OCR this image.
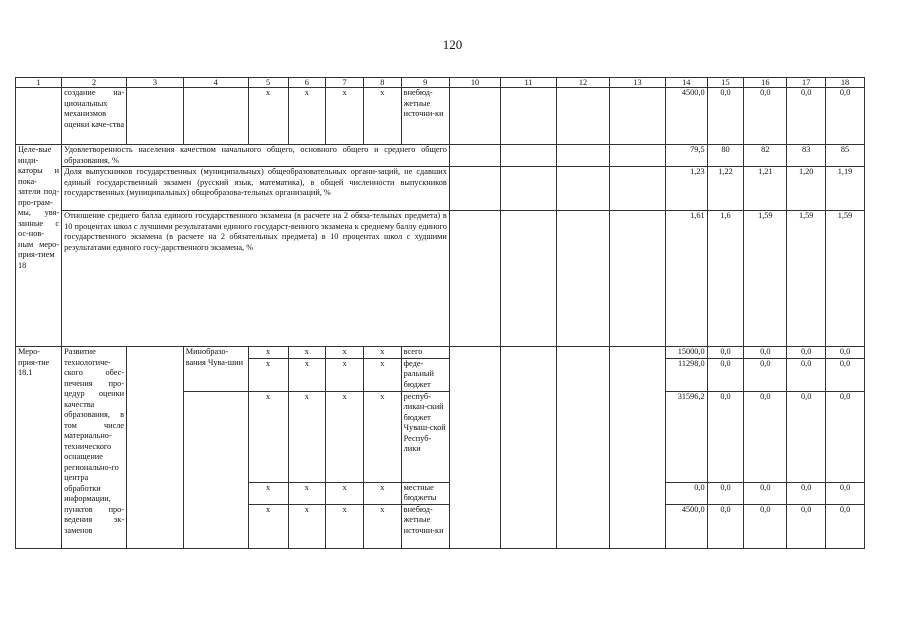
120
1	2	3	4	5	6	7	8	9	10	11	12	13	14	15	16	17	18
	создание на-циональных механизмов оценки каче-ства			x	x	x	x	внебюд-жетные источни-ки					4500,0	0,0	0,0	0,0	0,0
Целе-вые инди-каторы и пока-затели под-про-грам-мы, увя-занные с ос-нов-ным меро-прия-тием 18	Удовлетворенность населения качеством начального общего, основного общего и среднего общего образования, %												79,5	80	82	83	85
	Доля выпускников государственных (муниципальных) общеобразовательных органи-заций, не сдавших единый государственный экзамен (русский язык, математика), в общей численности выпускников государственных (муниципальных) общеобразова-тельных организаций, %												1,23	1,22	1,21	1,20	1,19
	Отношение среднего балла единого государственного экзамена (в расчете на 2 обяза-тельных предмета) в 10 процентах школ с лучшими результатами единого государст-венного экзамена к среднему баллу единого государственного экзамена (в расчете на 2 обязательных предмета) в 10 процентах школ с худшими результатами единого госу-дарственного экзамена, %												1,61	1,6	1,59	1,59	1,59
Меро-прия-тие 18.1	Развитие технологиче-ского обес-печения про-цедур оценки качества образования, в том числе материально-технического оснащение регионально-го центра обработки информации, пунктов про-ведения эк-заменов		Минобразо-вания Чува-шии	x	x	x	x	всего					15000,0	0,0	0,0	0,0	0,0
				x	x	x	x	феде-ральный бюджет					11298,0	0,0	0,0	0,0	0,0
				x	x	x	x	респуб-ликан-ский бюджет Чуваш-ской Респуб-лики					31596,2	0,0	0,0	0,0	0,0
				x	x	x	x	местные бюджеты					0,0	0,0	0,0	0,0	0,0
				x	x	x	x	внебюд-жетные источни-ки					4500,0	0,0	0,0	0,0	0,0
